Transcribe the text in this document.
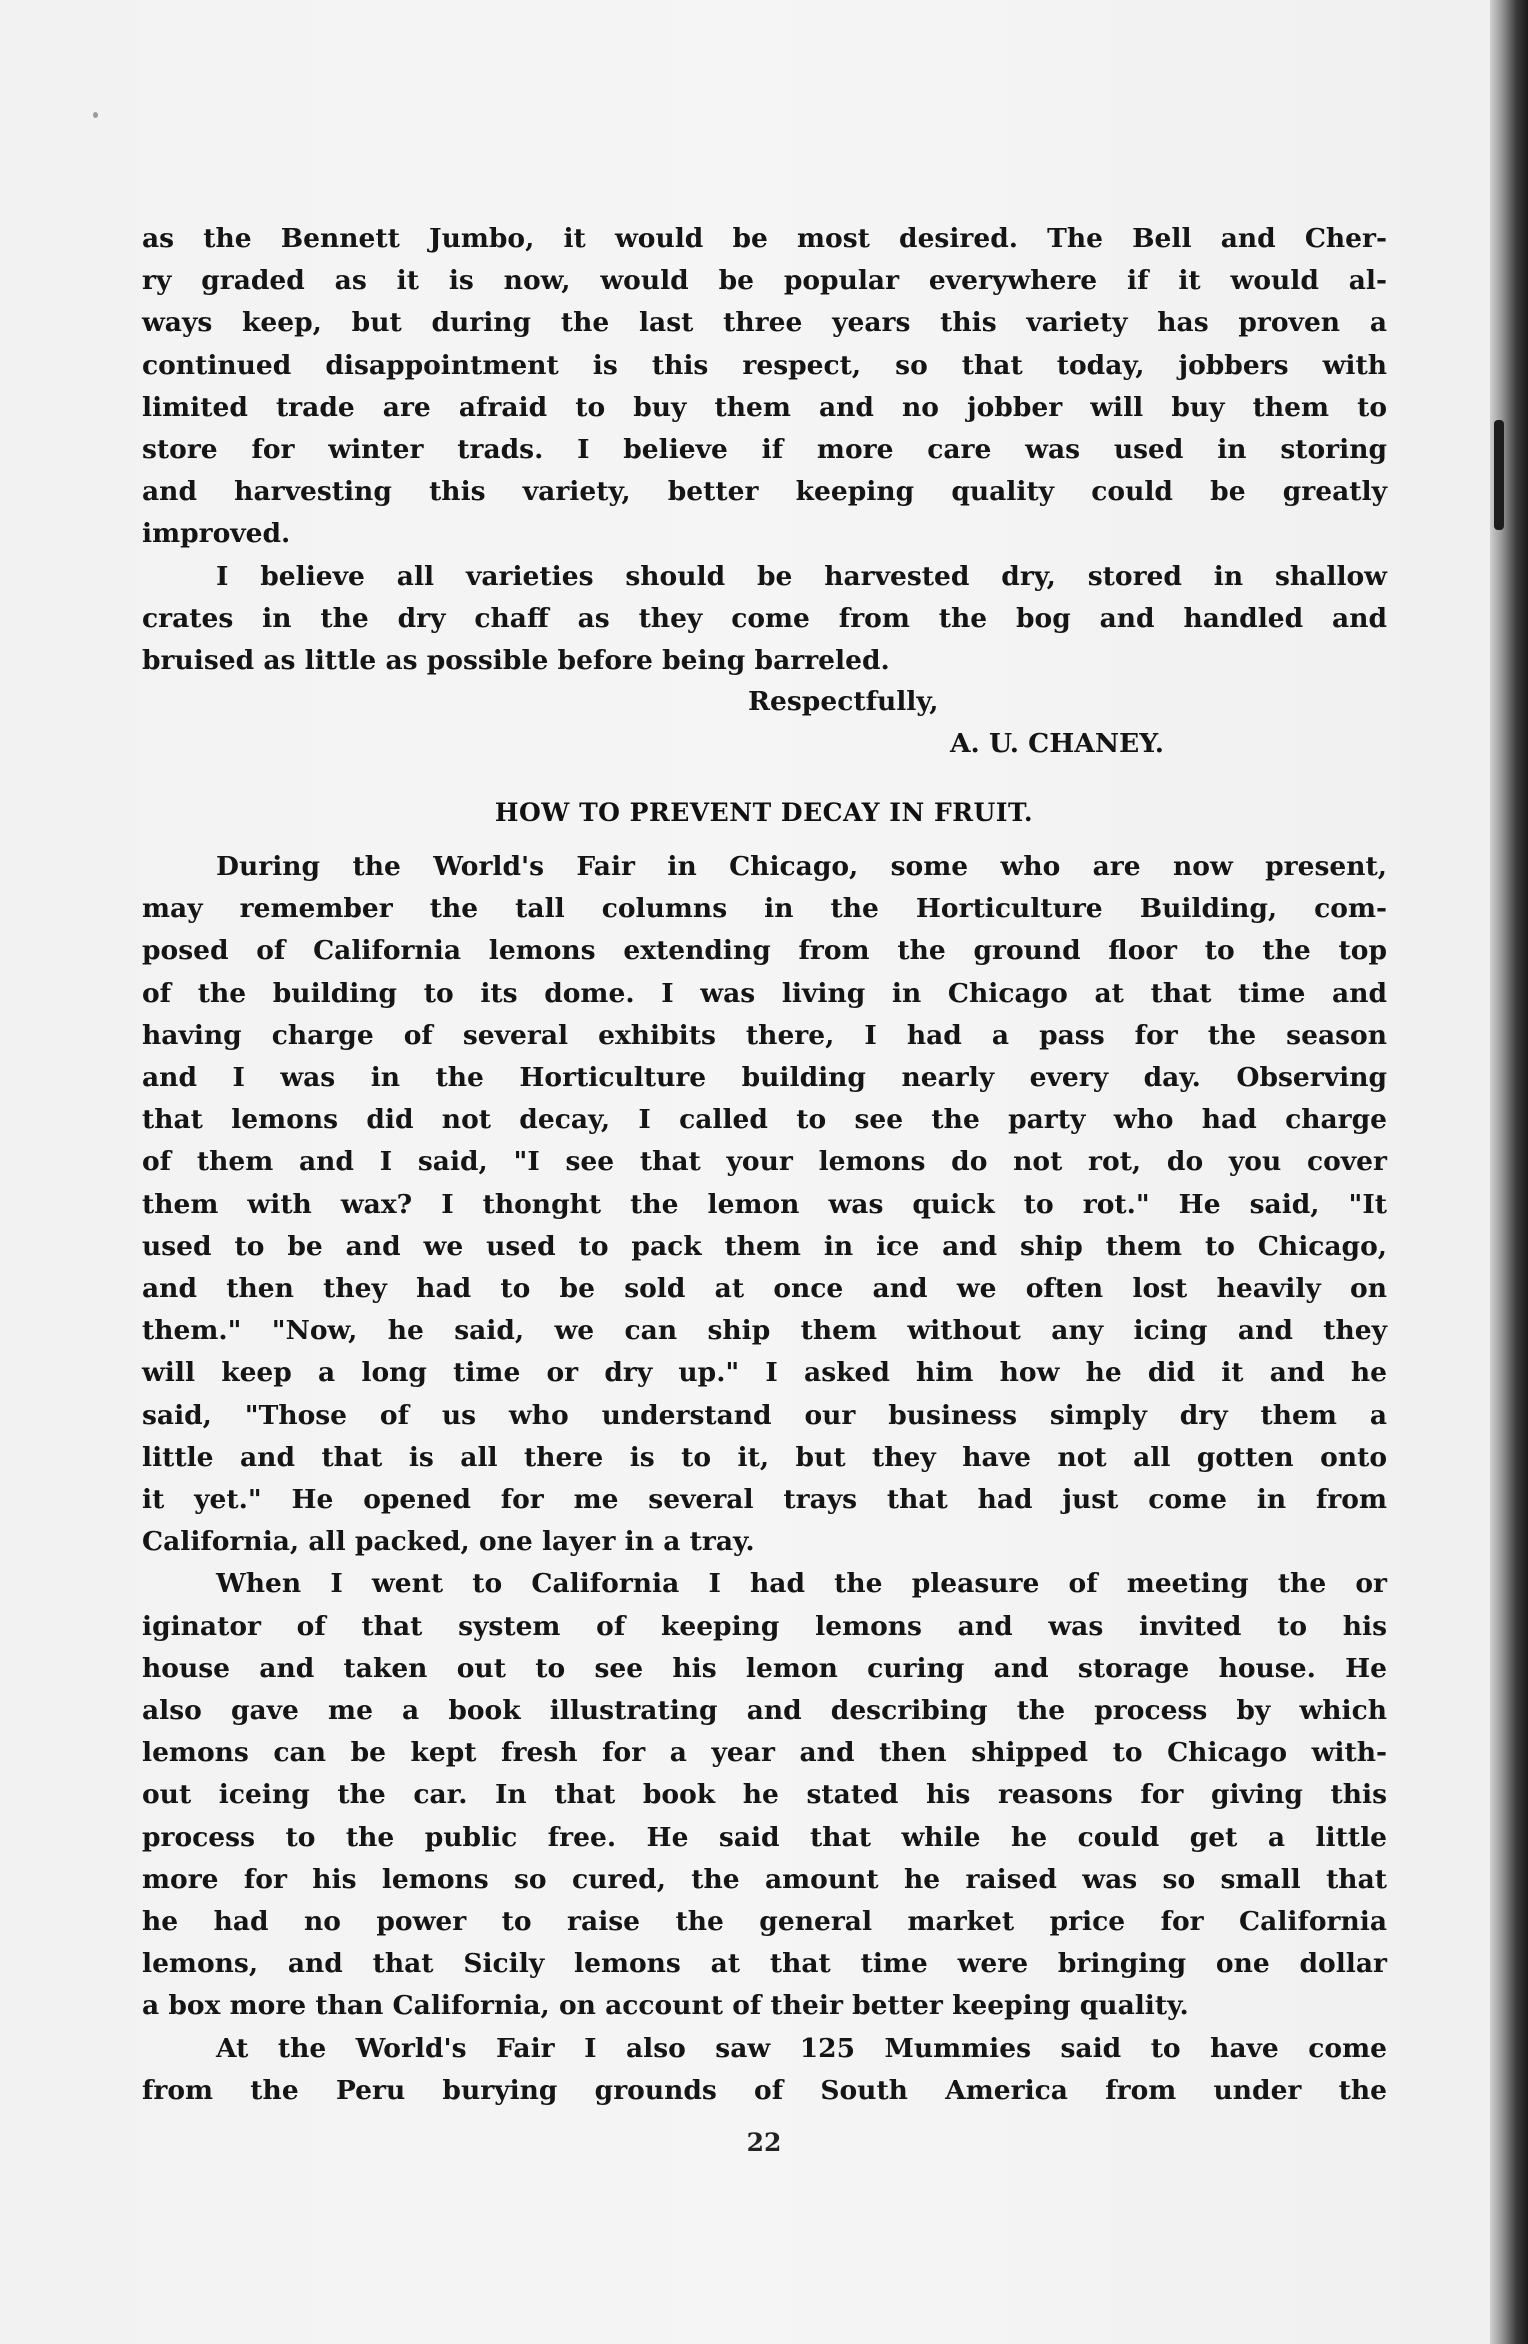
as the Bennett Jumbo, it would be most desired. The Bell and Cher-
ry graded as it is now, would be popular everywhere if it would al-
ways keep, but during the last three years this variety has proven a
continued disappointment is this respect, so that today, jobbers with
limited trade are afraid to buy them and no jobber will buy them to
store for winter trads. I believe if more care was used in storing
and harvesting this variety, better keeping quality could be greatly
improved.

I believe all varieties should be harvested dry, stored in shallow
crates in the dry chaff as they come from the bog and handled and
bruised as little as possible before being barreled.

Respectfully,
A. U. CHANEY.
HOW TO PREVENT DECAY IN FRUIT.

During the World's Fair in Chicago, some who are now present,
may remember the tall columns in the Horticulture Building, com-
posed of California lemons extending from the ground floor to the top
of the building to its dome. I was living in Chicago at that time and
having charge of several exhibits there, I had a pass for the season
and I was in the Horticulture building nearly every day. Observing
that lemons did not decay, I called to see the party who had charge
of them and I said, "I see that your lemons do not rot, do you cover
them with wax? I thonght the lemon was quick to rot." He said, "It
used to be and we used to pack them in ice and ship them to Chicago,
and then they had to be sold at once and we often lost heavily on
them." "Now, he said, we can ship them without any icing and they
will keep a long time or dry up." I asked him how he did it and he
said, "Those of us who understand our business simply dry them a
little and that is all there is to it, but they have not all gotten onto
it yet." He opened for me several trays that had just come in from
California, all packed, one layer in a tray.

When I went to California I had the pleasure of meeting the or
iginator of that system of keeping lemons and was invited to his
house and taken out to see his lemon curing and storage house. He
also gave me a book illustrating and describing the process by which
lemons can be kept fresh for a year and then shipped to Chicago with-
out iceing the car. In that book he stated his reasons for giving this
process to the public free. He said that while he could get a little
more for his lemons so cured, the amount he raised was so small that
he had no power to raise the general market price for California
lemons, and that Sicily lemons at that time were bringing one dollar
a box more than California, on account of their better keeping quality.

At the World's Fair I also saw 125 Mummies said to have come
from the Peru burying grounds of South America from under the

22
